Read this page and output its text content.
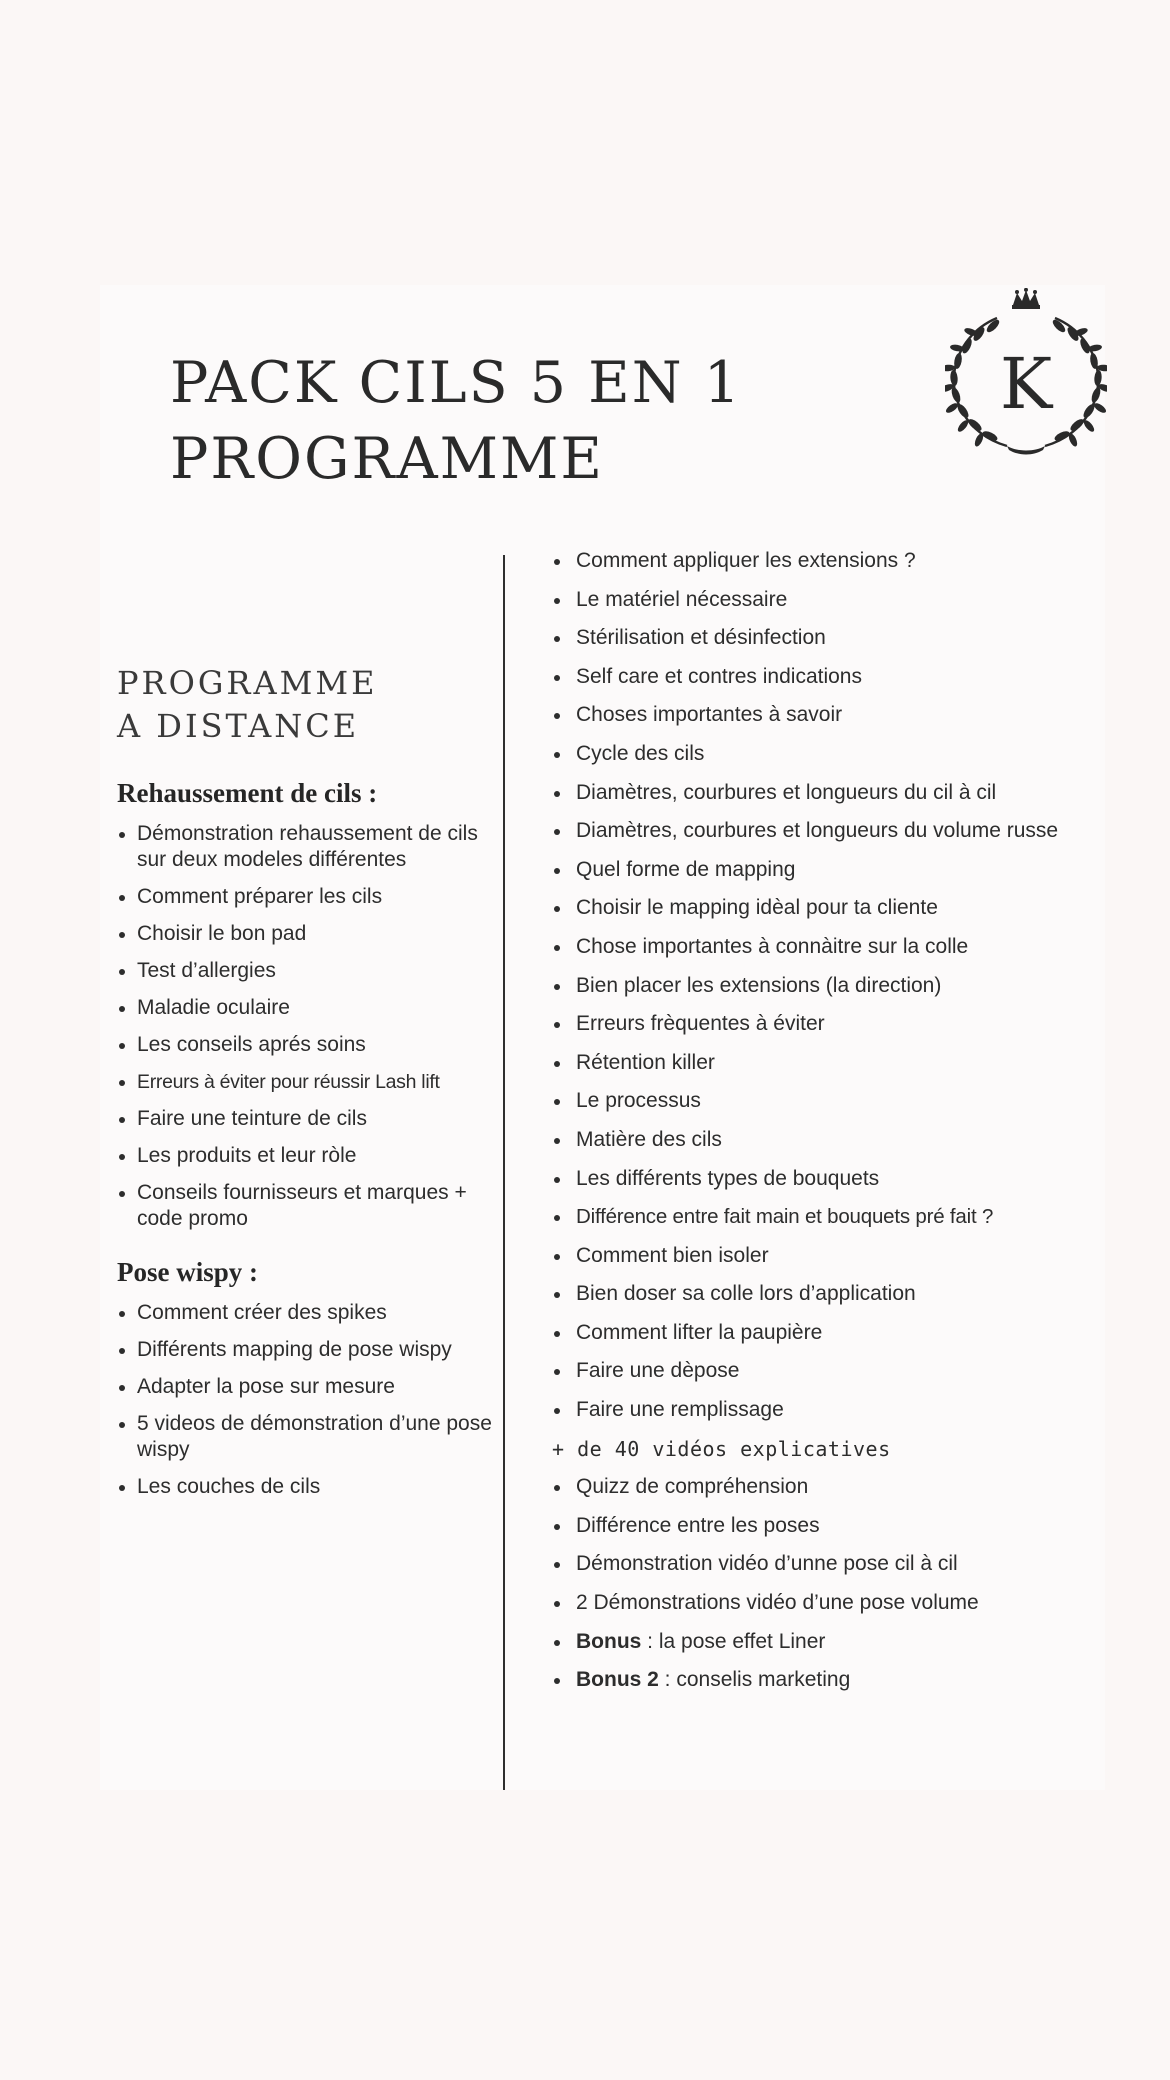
PACK CILS 5 EN 1
PROGRAMME
K
PROGRAMME
A DISTANCE
Rehaussement de cils :
Démonstration rehaussement de cils sur deux modeles différentes
Comment préparer les cils
Choisir le bon pad
Test d’allergies
Maladie oculaire
Les conseils aprés soins
Erreurs à éviter pour réussir Lash lift
Faire une teinture de cils
Les produits et leur ròle
Conseils fournisseurs et marques + code promo
Pose wispy :
Comment créer des spikes
Différents mapping de pose wispy
Adapter la pose sur mesure
5 videos de démonstration d’une pose wispy
Les couches de cils
Comment appliquer les extensions ?
Le matériel nécessaire
Stérilisation et désinfection
Self care et contres indications
Choses importantes à savoir
Cycle des cils
Diamètres, courbures et longueurs du cil à cil
Diamètres, courbures et longueurs du volume russe
Quel forme de mapping
Choisir le mapping idèal pour ta cliente
Chose importantes à connàitre sur la colle
Bien placer les extensions (la direction)
Erreurs frèquentes à éviter
Rétention killer
Le processus
Matière des cils
Les différents types de bouquets
Différence entre fait main et bouquets pré fait ?
Comment bien isoler
Bien doser sa colle lors d’application
Comment lifter la paupière
Faire une dèpose
Faire une remplissage
+ de 40 vidéos explicatives
Quizz de compréhension
Différence entre les poses
Démonstration vidéo d’unne pose cil à cil
2 Démonstrations vidéo d’une pose volume
Bonus : la pose effet Liner
Bonus 2 : conselis marketing
